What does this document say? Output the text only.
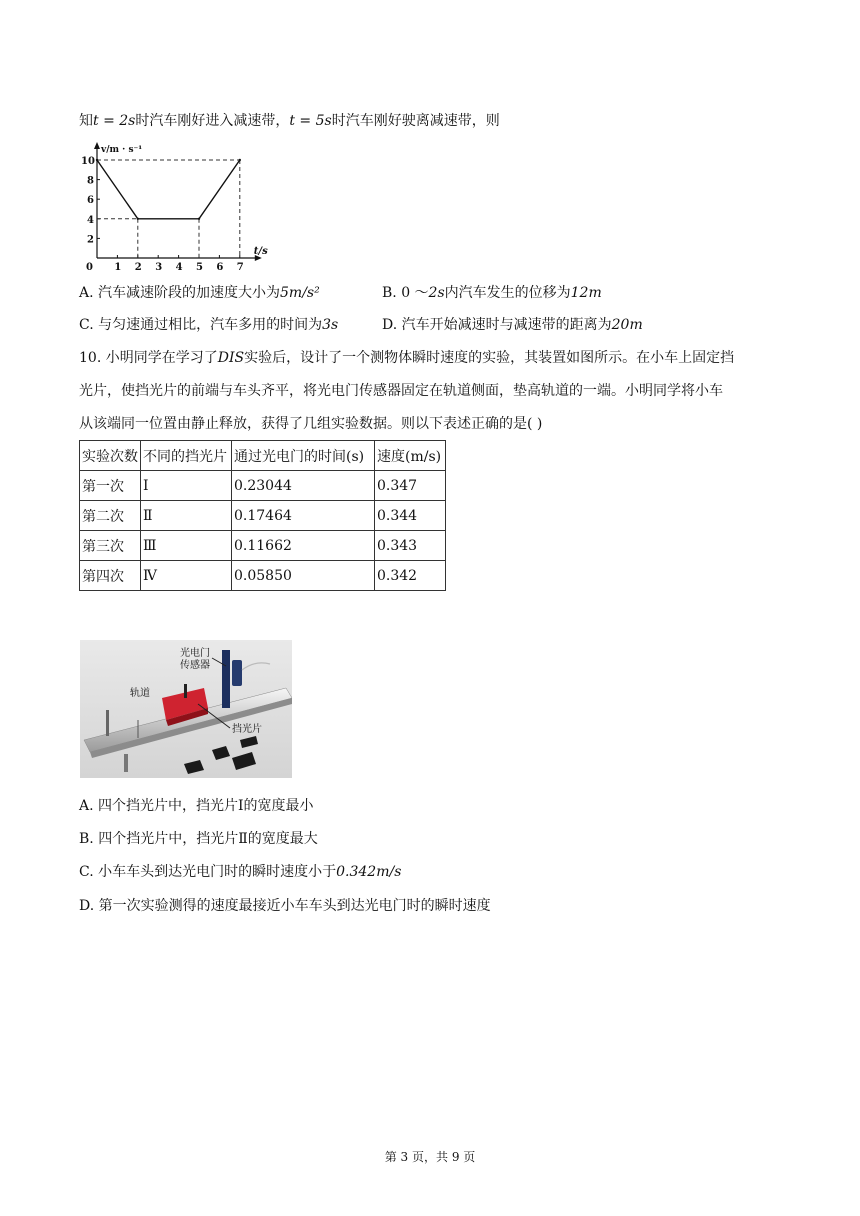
知t = 2s时汽车刚好进入减速带，t = 5s时汽车刚好驶离减速带，则
v/m · s⁻¹
t/s
0 1 2 3 4 5 6 7
2
4
6
8
10
A. 汽车减速阶段的加速度大小为5m/s²	B. 0 ～2s内汽车发生的位移为12m
C. 与匀速通过相比，汽车多用的时间为3s	D. 汽车开始减速时与减速带的距离为20m
10. 小明同学在学习了DIS实验后，设计了一个测物体瞬时速度的实验，其装置如图所示。在小车上固定挡
光片，使挡光片的前端与车头齐平，将光电门传感器固定在轨道侧面，垫高轨道的一端。小明同学将小车
从该端同一位置由静止释放，获得了几组实验数据。则以下表述正确的是( )
实验次数	不同的挡光片	通过光电门的时间(s)	速度(m/s)
第一次	Ⅰ	0.23044	0.347
第二次	Ⅱ	0.17464	0.344
第三次	Ⅲ	0.11662	0.343
第四次	Ⅳ	0.05850	0.342
光电门
传感器
轨道
挡光片
A. 四个挡光片中，挡光片Ⅰ的宽度最小
B. 四个挡光片中，挡光片Ⅱ的宽度最大
C. 小车车头到达光电门时的瞬时速度小于0.342m/s
D. 第一次实验测得的速度最接近小车车头到达光电门时的瞬时速度
第 3 页，共 9 页
